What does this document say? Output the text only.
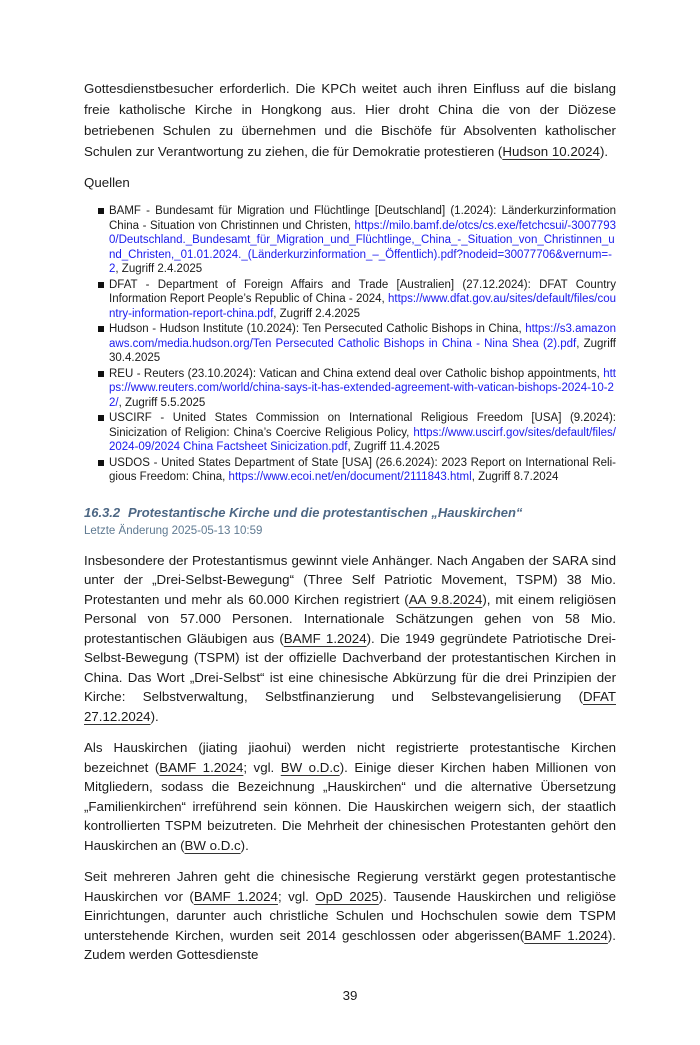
Gottesdienstbesucher erforderlich. Die KPCh weitet auch ihren Einfluss auf die bislang freie katholische Kirche in Hongkong aus. Hier droht China die von der Diözese betriebenen Schulen zu übernehmen und die Bischöfe für Absolventen katholischer Schulen zur Verantwortung zu ziehen, die für Demokratie protestieren (Hudson 10.2024).

Quellen
BAMF - Bundesamt für Migration und Flüchtlinge [Deutschland] (1.2024): Länderkurzinformation China - Situation von Christinnen und Christen, https://milo.bamf.de/otcs/cs.exe/fetchcsui/-30077930/Deutschland._Bundesamt_für_Migration_und_Flüchtlinge,_China_-_Situation_von_Christinnen_und_Christen,_01.01.2024._(Länderkurzinformation_–_Öffentlich).pdf?nodeid=30077706&vernum=-2, Zugriff 2.4.2025
DFAT - Department of Foreign Affairs and Trade [Australien] (27.12.2024): DFAT Country Information Report People’s Republic of China - 2024, https://www.dfat.gov.au/sites/default/files/country-information-report-china.pdf, Zugriff 2.4.2025
Hudson - Hudson Institute (10.2024): Ten Persecuted Catholic Bishops in China, https://s3.amazonaws.com/media.hudson.org/Ten Persecuted Catholic Bishops in China - Nina Shea (2).pdf, Zugriff 30.4.2025
REU - Reuters (23.10.2024): Vatican and China extend deal over Catholic bishop appointments, https://www.reuters.com/world/china-says-it-has-extended-agreement-with-vatican-bishops-2024-10-22/, Zugriff 5.5.2025
USCIRF - United States Commission on International Religious Freedom [USA] (9.2024): Sinicization of Religion: China’s Coercive Religious Policy, https://www.uscirf.gov/sites/default/files/2024-09/2024 China Factsheet Sinicization.pdf, Zugriff 11.4.2025
USDOS - United States Department of State [USA] (26.6.2024): 2023 Report on International Religious Freedom: China, https://www.ecoi.net/en/document/2111843.html, Zugriff 8.7.2024
16.3.2 Protestantische Kirche und die protestantischen „Hauskirchen“
Letzte Änderung 2025-05-13 10:59

Insbesondere der Protestantismus gewinnt viele Anhänger. Nach Angaben der SARA sind unter der „Drei-Selbst-Bewegung“ (Three Self Patriotic Movement, TSPM) 38 Mio. Protestanten und mehr als 60.000 Kirchen registriert (AA 9.8.2024), mit einem religiösen Personal von 57.000 Personen. Internationale Schätzungen gehen von 58 Mio. protestantischen Gläubigen aus (BAMF 1.2024). Die 1949 gegründete Patriotische Drei-Selbst-Bewegung (TSPM) ist der offizielle Dachverband der protestantischen Kirchen in China. Das Wort „Drei-Selbst“ ist eine chinesische Abkürzung für die drei Prinzipien der Kirche: Selbstverwaltung, Selbstfinanzierung und Selbstevangelisierung (DFAT 27.12.2024).

Als Hauskirchen (jiating jiaohui) werden nicht registrierte protestantische Kirchen bezeichnet (BAMF 1.2024; vgl. BW o.D.c). Einige dieser Kirchen haben Millionen von Mitgliedern, sodass die Bezeichnung „Hauskirchen“ und die alternative Übersetzung „Familienkirchen“ irreführend sein können. Die Hauskirchen weigern sich, der staatlich kontrollierten TSPM beizutreten. Die Mehrheit der chinesischen Protestanten gehört den Hauskirchen an (BW o.D.c).

Seit mehreren Jahren geht die chinesische Regierung verstärkt gegen protestantische Hauskirchen vor (BAMF 1.2024; vgl. OpD 2025). Tausende Hauskirchen und religiöse Einrichtungen, darunter auch christliche Schulen und Hochschulen sowie dem TSPM unterstehende Kirchen, wurden seit 2014 geschlossen oder abgerissen(BAMF 1.2024). Zudem werden Gottesdienste

39
